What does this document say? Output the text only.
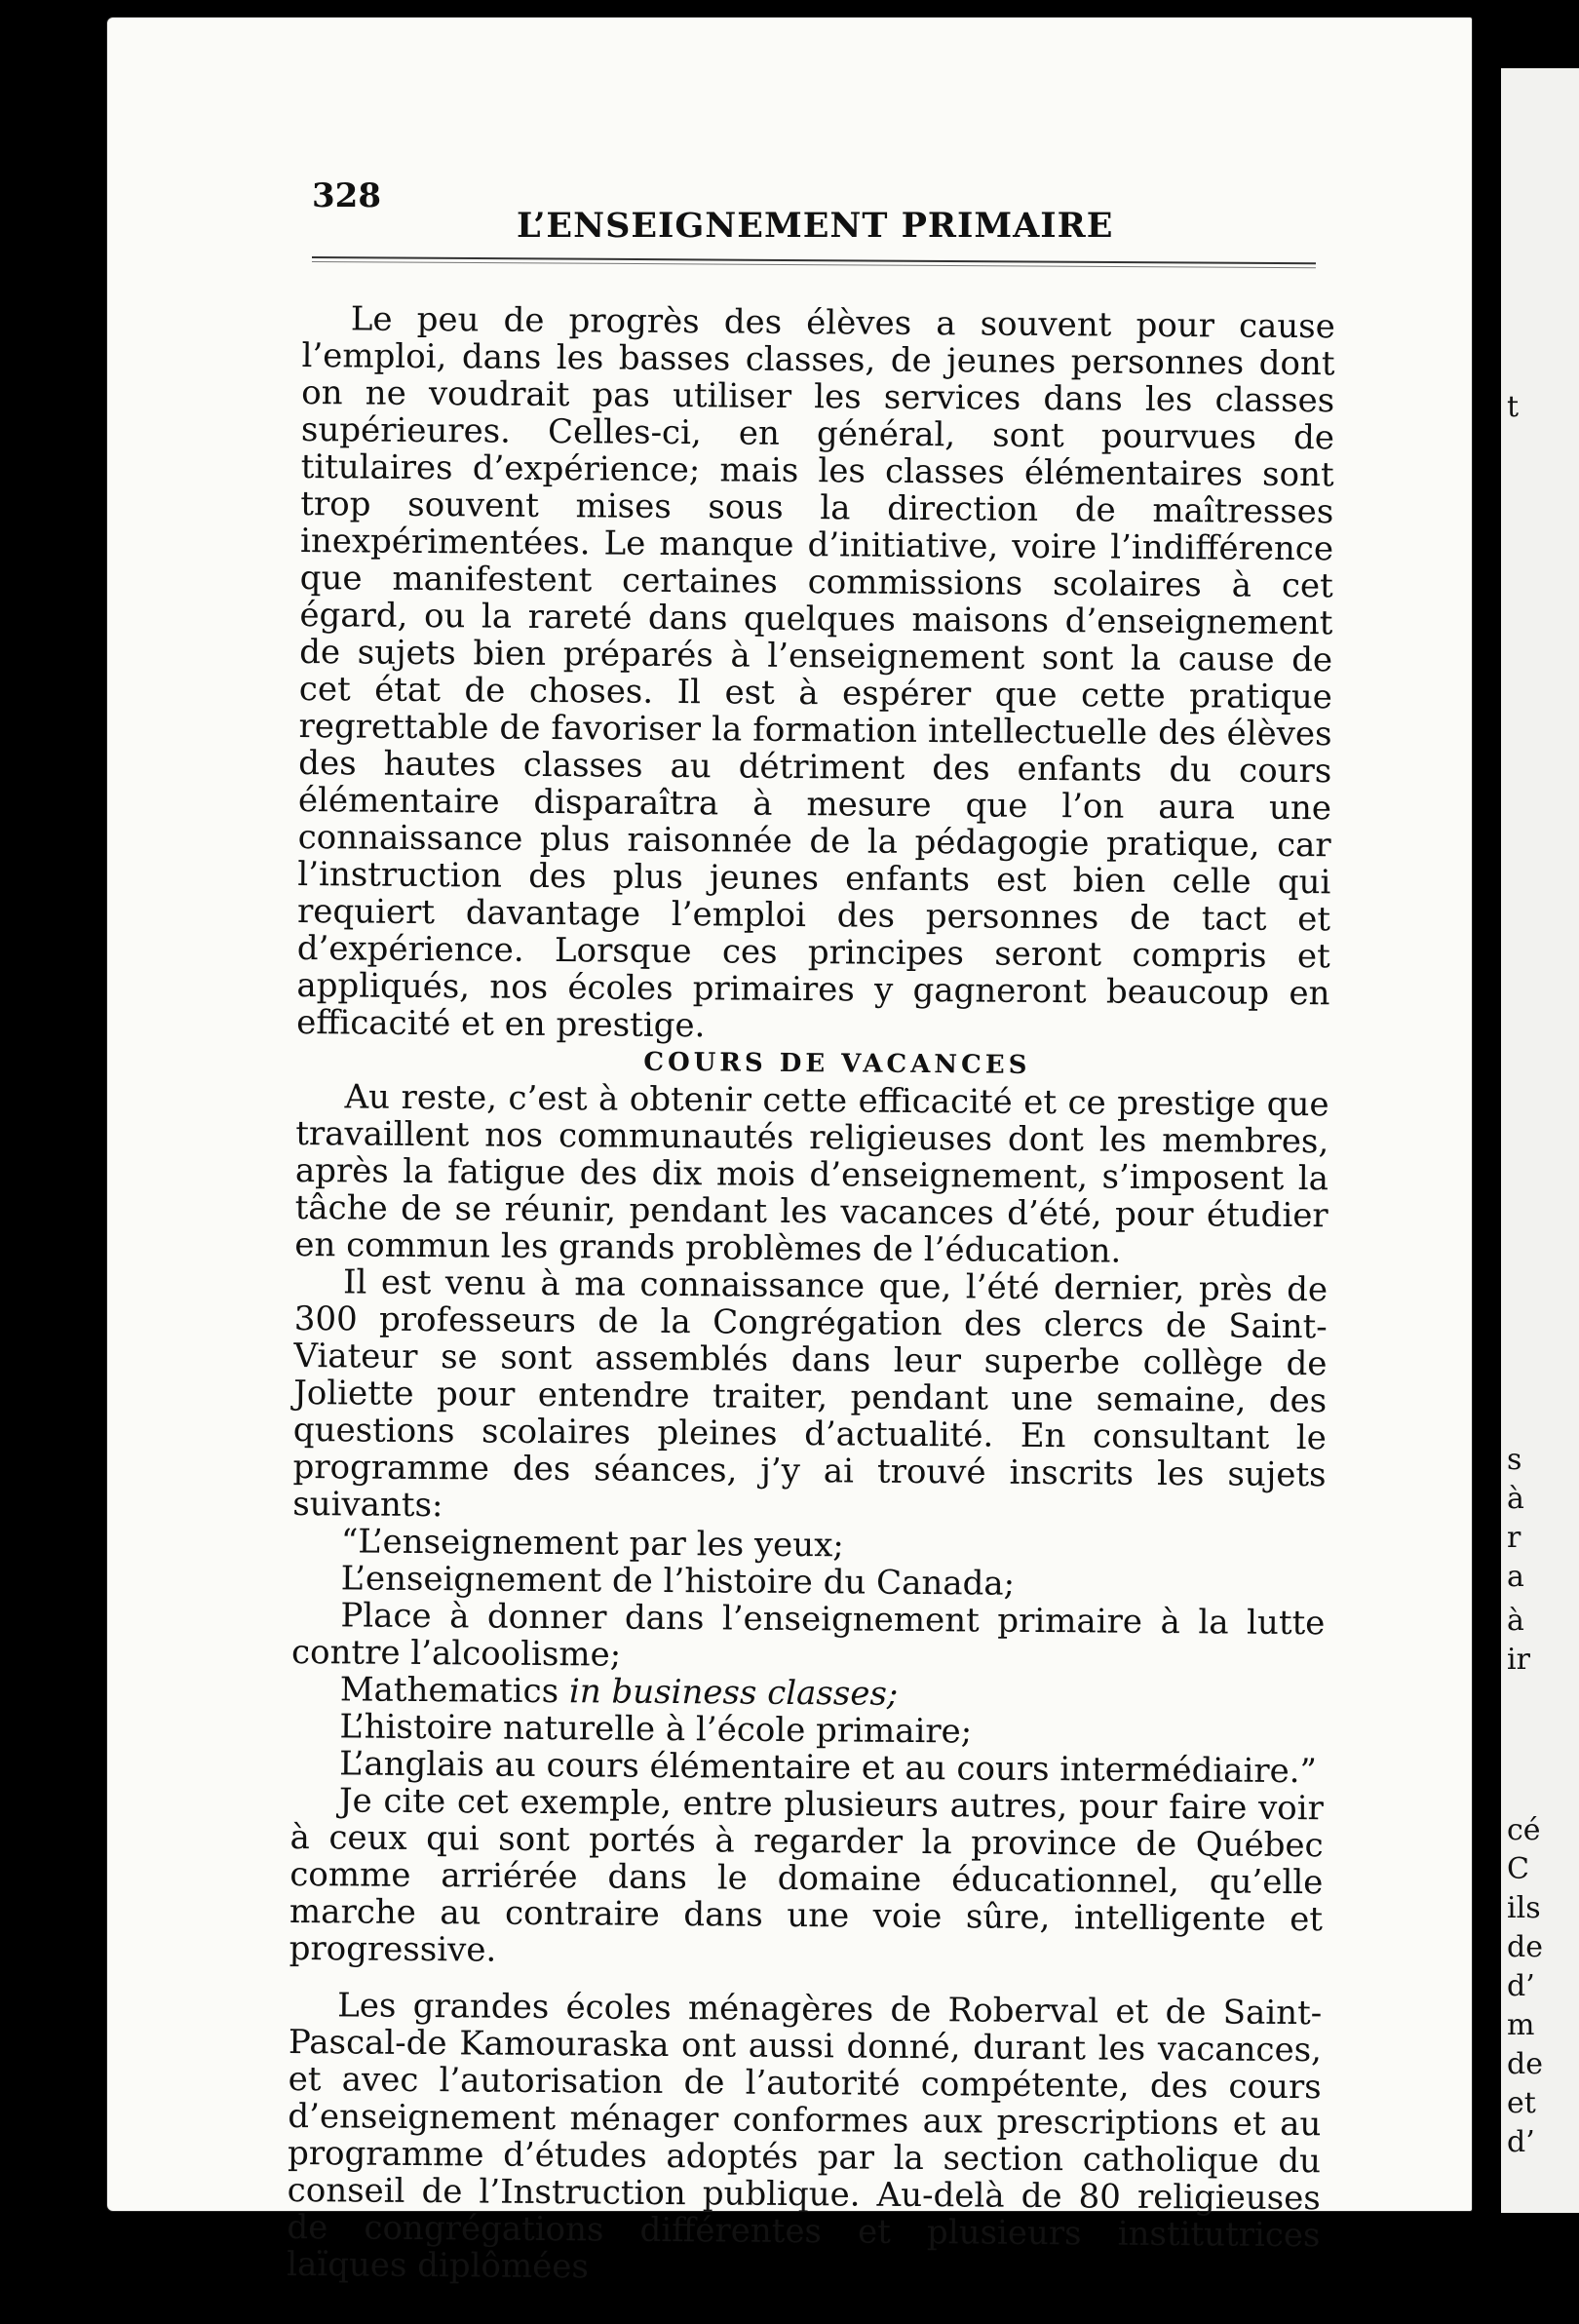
328
L’ENSEIGNEMENT PRIMAIRE

Le peu de progrès des élèves a souvent pour cause l’emploi, dans les basses classes, de jeunes personnes dont on ne voudrait pas utiliser les services dans les classes supérieures. Celles-ci, en général, sont pourvues de titulaires d’expérience; mais les classes élémentaires sont trop souvent mises sous la direction de maîtresses inexpérimentées. Le manque d’initiative, voire l’indifférence que manifestent certaines commissions scolaires à cet égard, ou la rareté dans quelques maisons d’enseignement de sujets bien préparés à l’enseignement sont la cause de cet état de choses. Il est à espérer que cette pratique regrettable de favoriser la formation intellectuelle des élèves des hautes classes au détriment des enfants du cours élémentaire disparaîtra à mesure que l’on aura une connaissance plus raisonnée de la pédagogie pratique, car l’instruction des plus jeunes enfants est bien celle qui requiert davantage l’emploi des personnes de tact et d’expérience. Lorsque ces principes seront compris et appliqués, nos écoles primaires y gagneront beaucoup en efficacité et en prestige.

COURS DE VACANCES

Au reste, c’est à obtenir cette efficacité et ce prestige que travaillent nos communautés religieuses dont les membres, après la fatigue des dix mois d’enseignement, s’imposent la tâche de se réunir, pendant les vacances d’été, pour étudier en commun les grands problèmes de l’éducation.

Il est venu à ma connaissance que, l’été dernier, près de 300 professeurs de la Congrégation des clercs de Saint-Viateur se sont assemblés dans leur superbe collège de Joliette pour entendre traiter, pendant une semaine, des questions scolaires pleines d’actualité. En consultant le programme des séances, j’y ai trouvé inscrits les sujets suivants:

“L’enseignement par les yeux;

L’enseignement de l’histoire du Canada;

Place à donner dans l’enseignement primaire à la lutte contre l’alcoolisme;

Mathematics in business classes;

L’histoire naturelle à l’école primaire;

L’anglais au cours élémentaire et au cours intermédiaire.”

Je cite cet exemple, entre plusieurs autres, pour faire voir à ceux qui sont portés à regarder la province de Québec comme arriérée dans le domaine éducationnel, qu’elle marche au contraire dans une voie sûre, intelligente et progressive.

Les grandes écoles ménagères de Roberval et de Saint-Pascal-de Kamouraska ont aussi donné, durant les vacances, et avec l’autorisation de l’autorité compétente, des cours d’enseignement ménager conformes aux prescriptions et au programme d’études adoptés par la section catholique du conseil de l’Instruction publique. Au-delà de 80 religieuses de congrégations différentes et plusieurs institutrices laïques diplômées

t
s
à
r
a
à
ir
cé
C
ils
de
d’
m
de
et
d’
